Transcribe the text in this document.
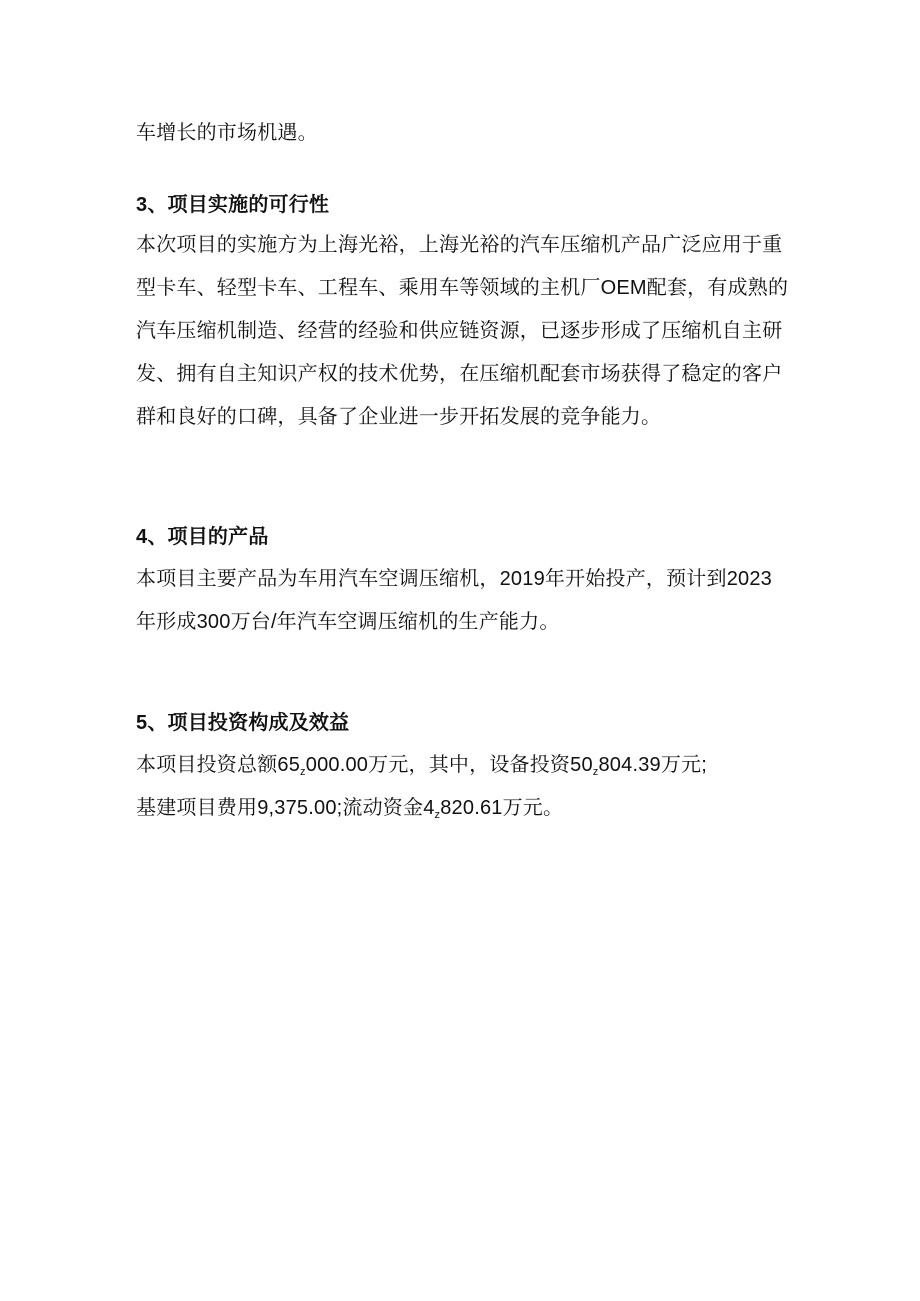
车增长的市场机遇。
3、项目实施的可行性
本次项目的实施方为上海光裕，上海光裕的汽车压缩机产品广泛应用于重
型卡车、轻型卡车、工程车、乘用车等领域的主机厂OEM配套，有成熟的
汽车压缩机制造、经营的经验和供应链资源，已逐步形成了压缩机自主研
发、拥有自主知识产权的技术优势，在压缩机配套市场获得了稳定的客户
群和良好的口碑，具备了企业进一步开拓发展的竞争能力。
4、项目的产品
本项目主要产品为车用汽车空调压缩机，2019年开始投产，预计到2023
年形成300万台/年汽车空调压缩机的生产能力。
5、项目投资构成及效益
本项目投资总额$65_z000.00$万元，其中，设备投资$50_z804.39$万元;
基建项目费用9,375.00;流动资金$4_z820.61$万元。
